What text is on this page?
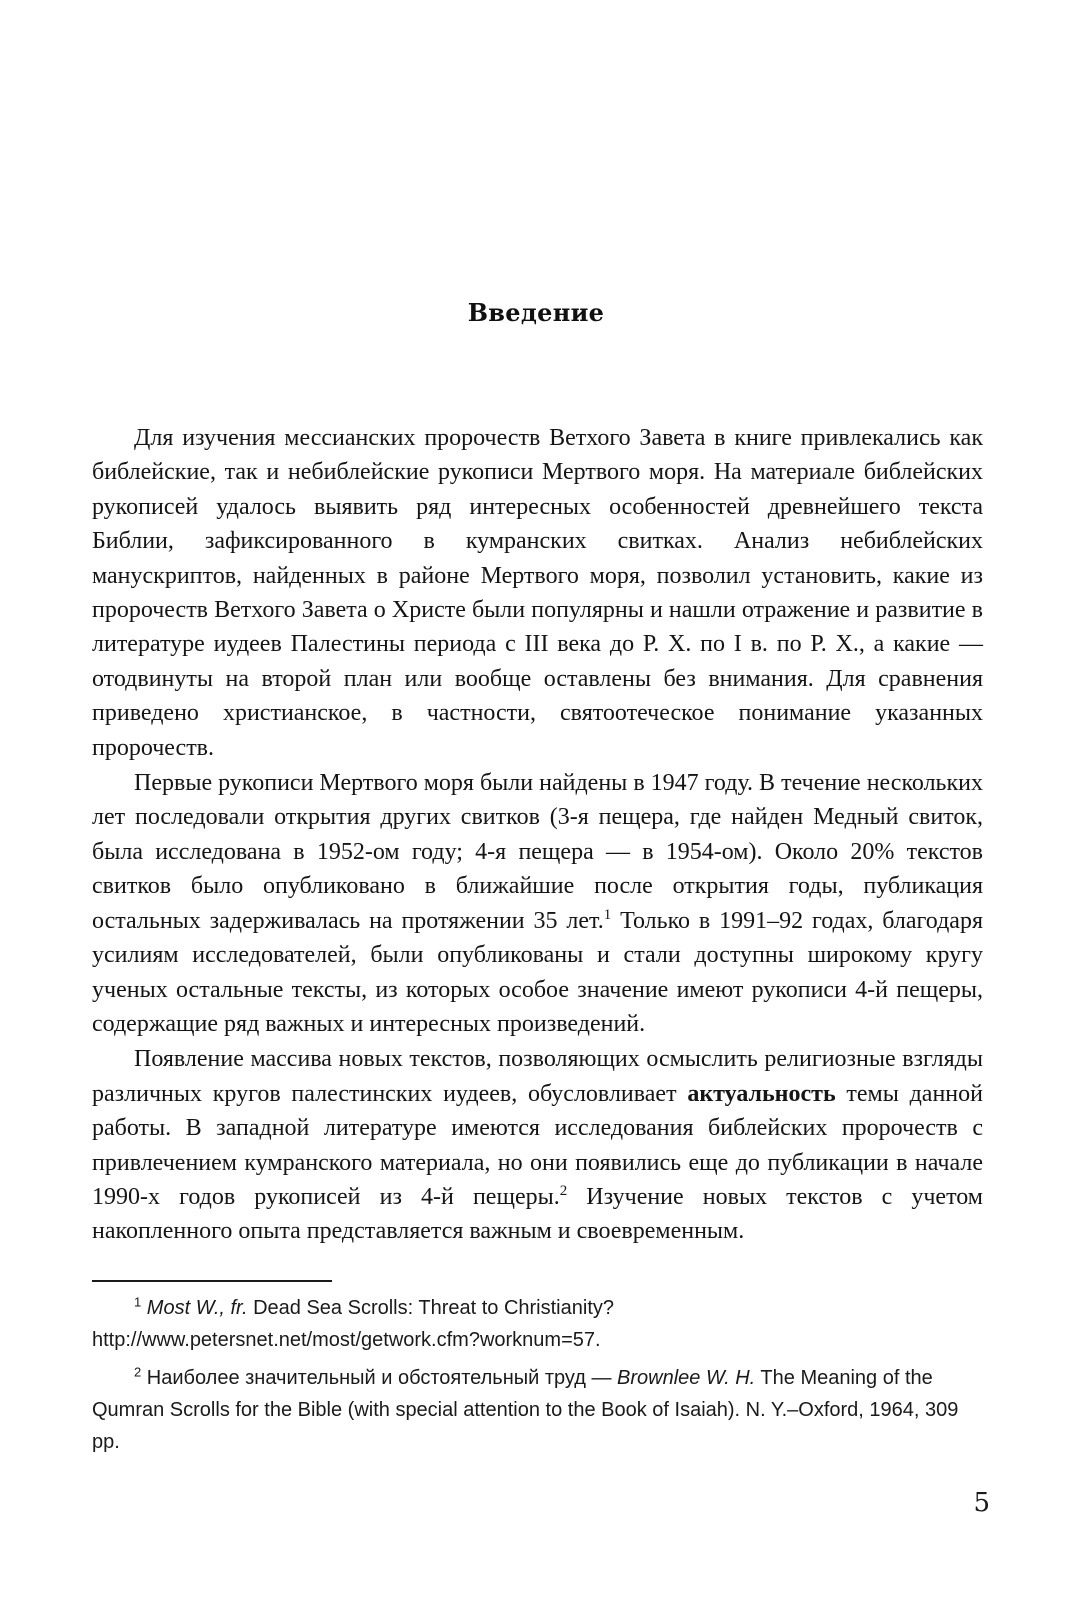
Введение

Для изучения мессианских пророчеств Ветхого Завета в книге привлекались как библейские, так и небиблейские рукописи Мертвого моря. На материале библейских рукописей удалось выявить ряд интересных особенностей древнейшего текста Библии, зафиксированного в кумранских свитках. Анализ небиблейских манускриптов, найденных в районе Мертвого моря, позволил установить, какие из пророчеств Ветхого Завета о Христе были популярны и нашли отражение и развитие в литературе иудеев Палестины периода с III века до Р. Х. по I в. по Р. Х., а какие — отодвинуты на второй план или вообще оставлены без внимания. Для сравнения приведено христианское, в частности, святоотеческое понимание указанных пророчеств.

Первые рукописи Мертвого моря были найдены в 1947 году. В течение нескольких лет последовали открытия других свитков (3-я пещера, где найден Медный свиток, была исследована в 1952-ом году; 4-я пещера — в 1954-ом). Около 20% текстов свитков было опубликовано в ближайшие после открытия годы, публикация остальных задерживалась на протяжении 35 лет.$^1$ Только в 1991–92 годах, благодаря усилиям исследователей, были опубликованы и стали доступны широкому кругу ученых остальные тексты, из которых особое значение имеют рукописи 4-й пещеры, содержащие ряд важных и интересных произведений.

Появление массива новых текстов, позволяющих осмыслить религиозные взгляды различных кругов палестинских иудеев, обусловливает актуальность темы данной работы. В западной литературе имеются исследования библейских пророчеств с привлечением кумранского материала, но они появились еще до публикации в начале 1990-х годов рукописей из 4-й пещеры.$^2$ Изучение новых текстов с учетом накопленного опыта представляется важным и своевременным.

$^1$ Most W., fr. Dead Sea Scrolls: Threat to Christianity? http://www.petersnet.net/most/getwork.cfm?worknum=57.

$^2$ Наиболее значительный и обстоятельный труд — Brownlee W. H. The Meaning of the Qumran Scrolls for the Bible (with special attention to the Book of Isaiah). N. Y.–Oxford, 1964, 309 pp.

5
